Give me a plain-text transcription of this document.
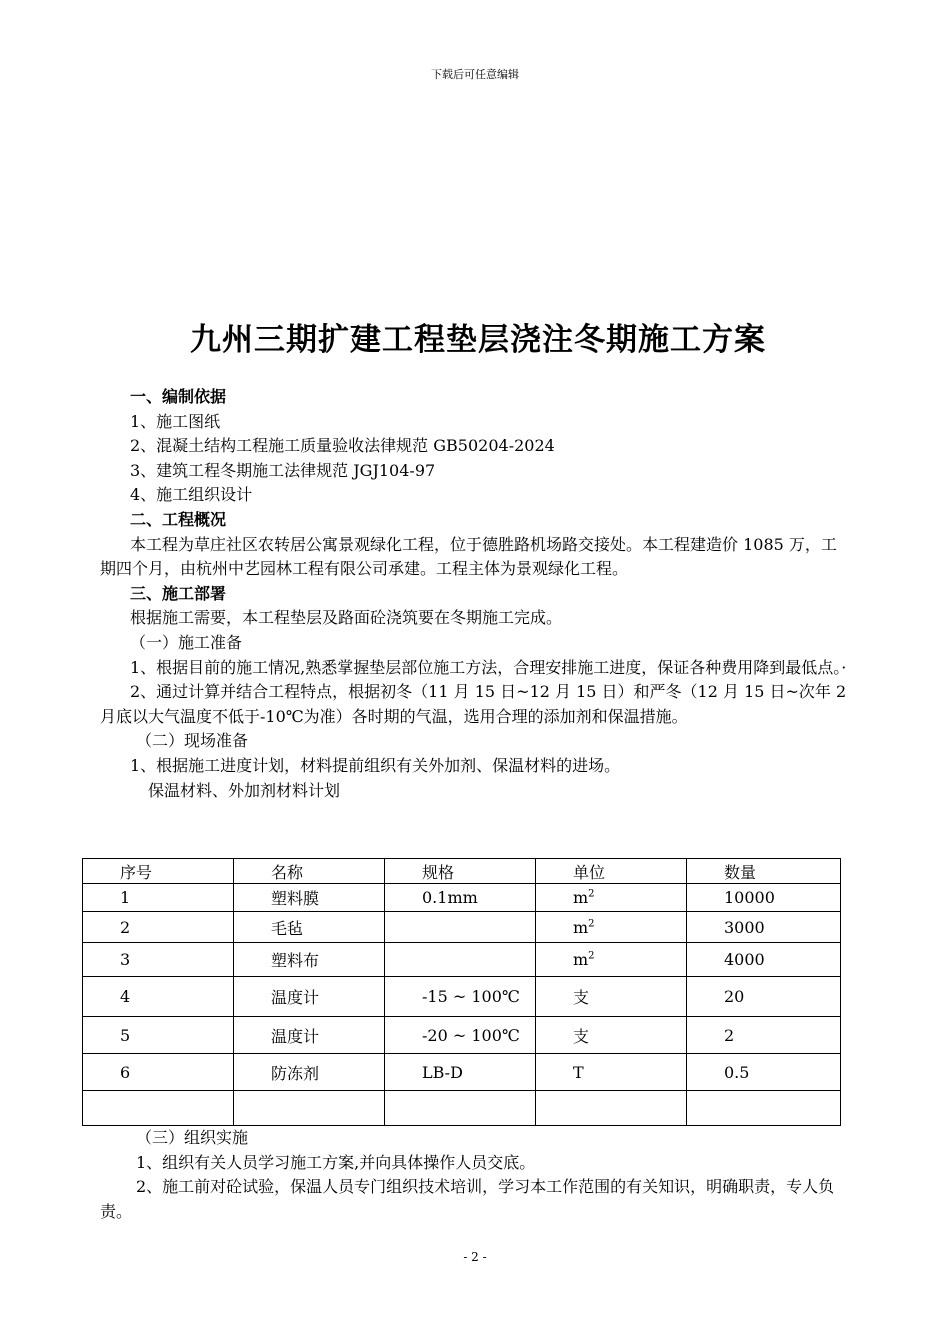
下载后可任意编辑
九州三期扩建工程垫层浇注冬期施工方案
一、编制依据
1、施工图纸
2、混凝土结构工程施工质量验收法律规范 GB50204-2024
3、建筑工程冬期施工法律规范 JGJ104-97
4、施工组织设计
二、工程概况
本工程为草庄社区农转居公寓景观绿化工程，位于德胜路机场路交接处。本工程建造价 1085 万，工期四个月，由杭州中艺园林工程有限公司承建。工程主体为景观绿化工程。
三、施工部署
根据施工需要，本工程垫层及路面砼浇筑要在冬期施工完成。
（一）施工准备
1、根据目前的施工情况,熟悉掌握垫层部位施工方法，合理安排施工进度，保证各种费用降到最低点。·
2、通过计算并结合工程特点，根据初冬（11 月 15 日~12 月 15 日）和严冬（12 月 15 日~次年 2 月底以大气温度不低于-10℃为准）各时期的气温，选用合理的添加剂和保温措施。
（二）现场准备
1、根据施工进度计划，材料提前组织有关外加剂、保温材料的进场。
保温材料、外加剂材料计划
序号	名称	规格	单位	数量
1	塑料膜	0.1mm	$m^2$	10000
2	毛毡		$m^2$	3000
3	塑料布		$m^2$	4000
4	温度计	-15 ~ 100℃	支	20
5	温度计	-20 ~ 100℃	支	2
6	防冻剂	LB-D	T	0.5

（三）组织实施
1、组织有关人员学习施工方案,并向具体操作人员交底。
2、施工前对砼试验，保温人员专门组织技术培训，学习本工作范围的有关知识，明确职责，专人负责。
- 2 -
